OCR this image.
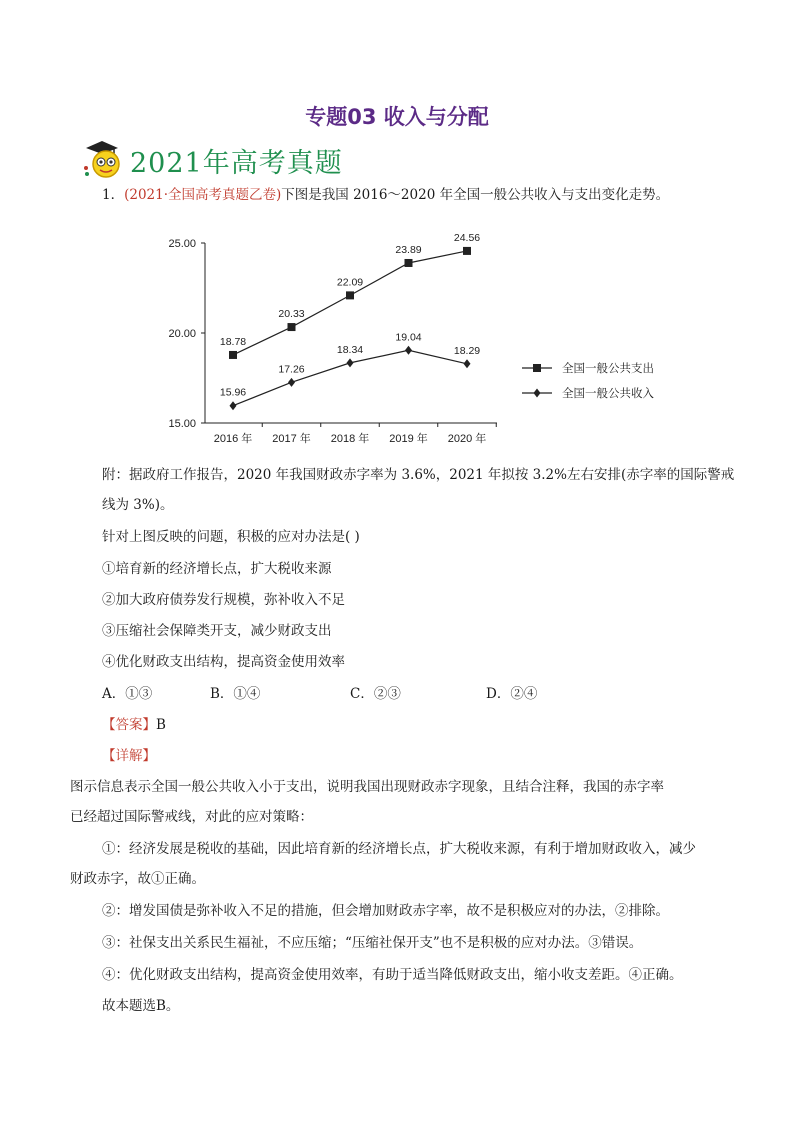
专题03 收入与分配
2021年高考真题
1．(2021·全国高考真题乙卷)下图是我国 2016～2020 年全国一般公共收入与支出变化走势。
25.00
20.00
15.00
2016 年 2017 年 2018 年 2019 年 2020 年
18.78
20.33
22.09
23.89
24.56
全国一般公共支出
15.96
17.26
18.34
19.04
18.29
全国一般公共收入
附：据政府工作报告，2020 年我国财政赤字率为 3.6%，2021 年拟按 3.2%左右安排(赤字率的国际警戒
线为 3%)。
针对上图反映的问题，积极的应对办法是( )
①培育新的经济增长点，扩大税收来源
②加大政府债券发行规模，弥补收入不足
③压缩社会保障类开支，减少财政支出
④优化财政支出结构，提高资金使用效率
A．①③	B．①④	C．②③	D．②④
【答案】B
【详解】
图示信息表示全国一般公共收入小于支出，说明我国出现财政赤字现象，且结合注释，我国的赤字率
已经超过国际警戒线，对此的应对策略：
①：经济发展是税收的基础，因此培育新的经济增长点，扩大税收来源，有利于增加财政收入，减少
财政赤字，故①正确。
②：增发国债是弥补收入不足的措施，但会增加财政赤字率，故不是积极应对的办法，②排除。
③：社保支出关系民生福祉，不应压缩；“压缩社保开支”也不是积极的应对办法。③错误。
④：优化财政支出结构，提高资金使用效率，有助于适当降低财政支出，缩小收支差距。④正确。
故本题选B。
